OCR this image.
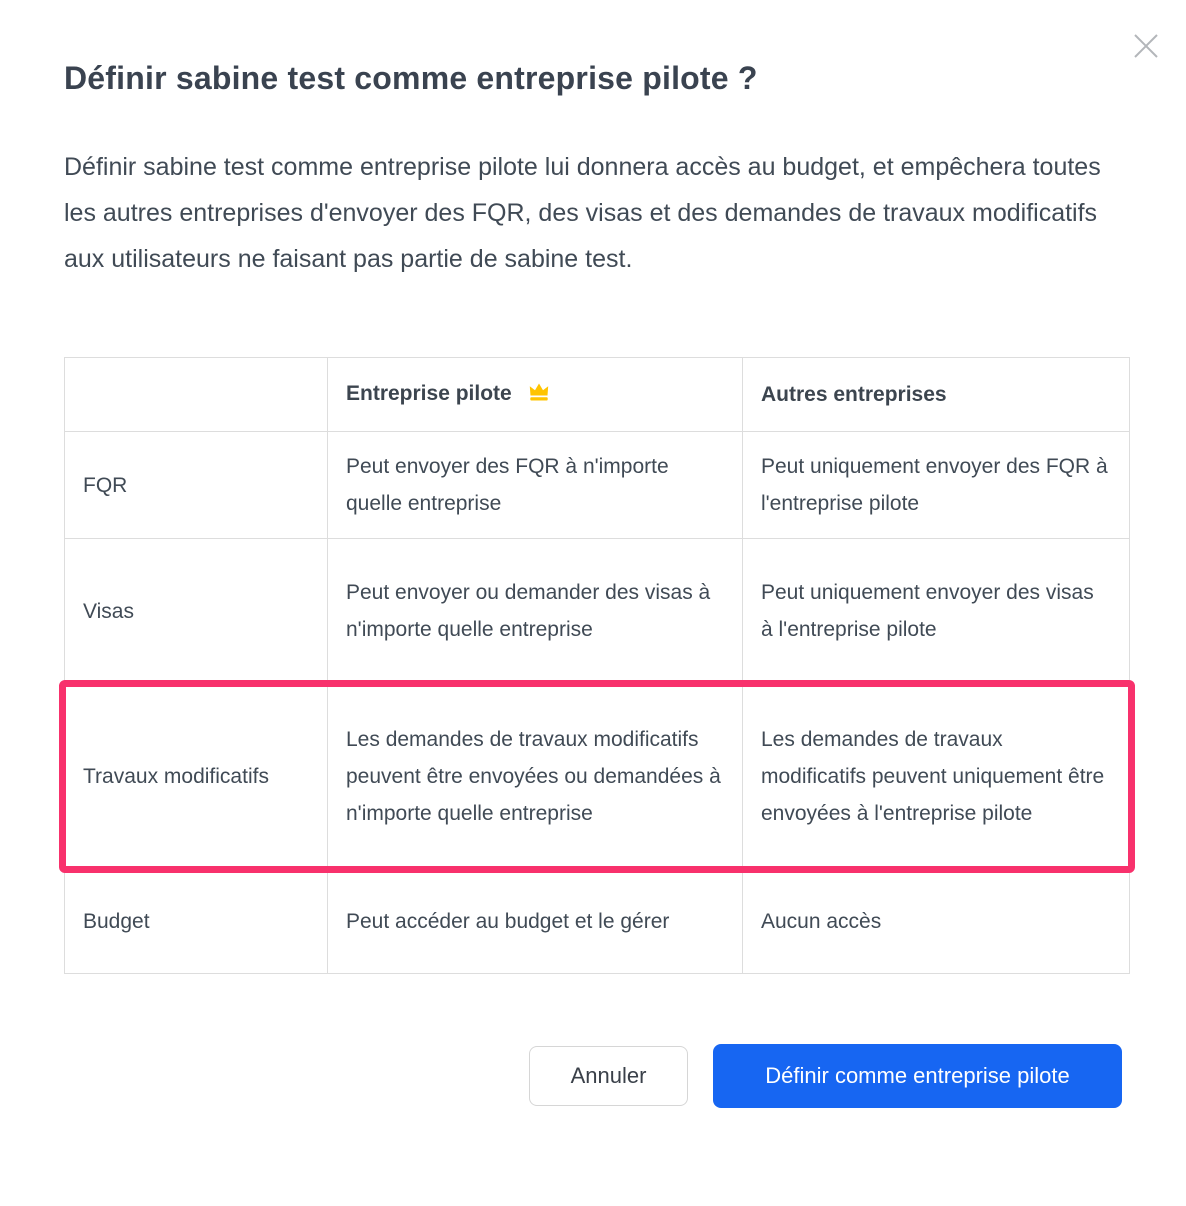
Définir sabine test comme entreprise pilote ?

Définir sabine test comme entreprise pilote lui donnera accès au budget, et empêchera toutes les autres entreprises d'envoyer des FQR, des visas et des demandes de travaux modificatifs aux utilisateurs ne faisant pas partie de sabine test.

	Entreprise pilote	Autres entreprises
FQR	Peut envoyer des FQR à n'importe quelle entreprise	Peut uniquement envoyer des FQR à l'entreprise pilote
Visas	Peut envoyer ou demander des visas à n'importe quelle entreprise	Peut uniquement envoyer des visas à l'entreprise pilote
Travaux modificatifs	Les demandes de travaux modificatifs peuvent être envoyées ou demandées à n'importe quelle entreprise	Les demandes de travaux modificatifs peuvent uniquement être envoyées à l'entreprise pilote
Budget	Peut accéder au budget et le gérer	Aucun accès
Annuler	Définir comme entreprise pilote
